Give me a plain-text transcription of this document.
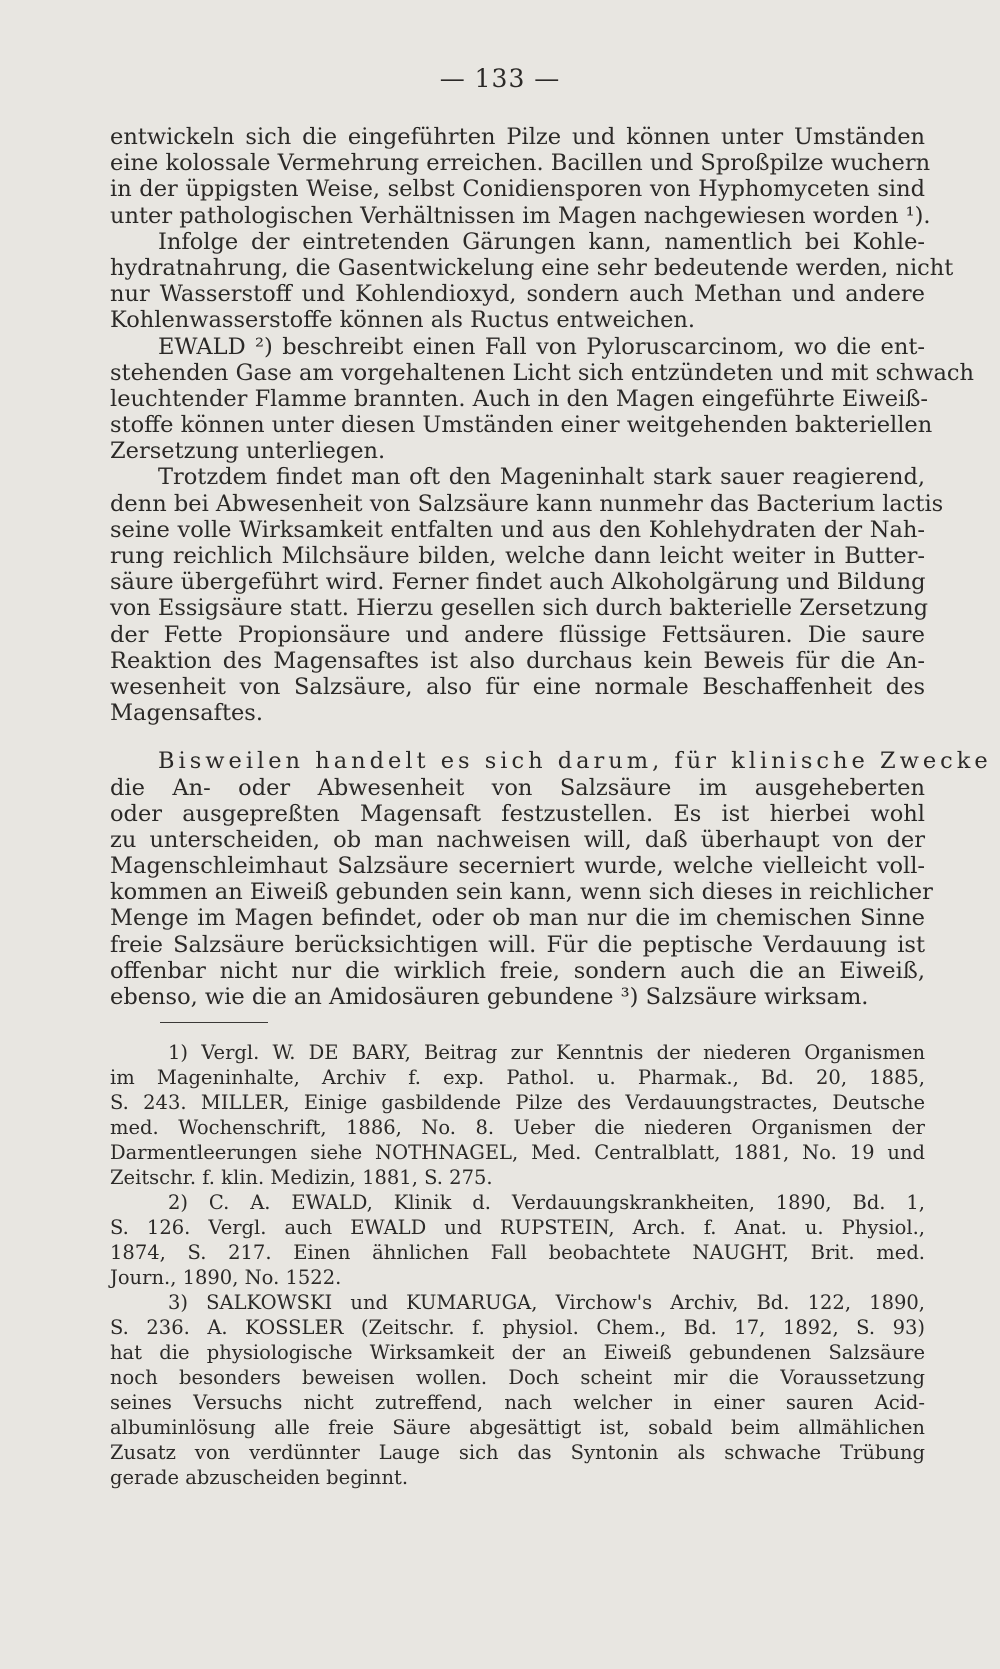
— 133 —
entwickeln sich die eingeführten Pilze und können unter Umständen
eine kolossale Vermehrung erreichen. Bacillen und Sproßpilze wuchern
in der üppigsten Weise, selbst Conidiensporen von Hyphomyceten sind
unter pathologischen Verhältnissen im Magen nachgewiesen worden ¹).
Infolge der eintretenden Gärungen kann, namentlich bei Kohle-
hydratnahrung, die Gasentwickelung eine sehr bedeutende werden, nicht
nur Wasserstoff und Kohlendioxyd, sondern auch Methan und andere
Kohlenwasserstoffe können als Ructus entweichen.
EWALD ²) beschreibt einen Fall von Pyloruscarcinom, wo die ent-
stehenden Gase am vorgehaltenen Licht sich entzündeten und mit schwach
leuchtender Flamme brannten. Auch in den Magen eingeführte Eiweiß-
stoffe können unter diesen Umständen einer weitgehenden bakteriellen
Zersetzung unterliegen.
Trotzdem findet man oft den Mageninhalt stark sauer reagierend,
denn bei Abwesenheit von Salzsäure kann nunmehr das Bacterium lactis
seine volle Wirksamkeit entfalten und aus den Kohlehydraten der Nah-
rung reichlich Milchsäure bilden, welche dann leicht weiter in Butter-
säure übergeführt wird. Ferner findet auch Alkoholgärung und Bildung
von Essigsäure statt. Hierzu gesellen sich durch bakterielle Zersetzung
der Fette Propionsäure und andere flüssige Fettsäuren. Die saure
Reaktion des Magensaftes ist also durchaus kein Beweis für die An-
wesenheit von Salzsäure, also für eine normale Beschaffenheit des
Magensaftes.
Bisweilen handelt es sich darum, für klinische Zwecke
die An- oder Abwesenheit von Salzsäure im ausgeheberten
oder ausgepreßten Magensaft festzustellen. Es ist hierbei wohl
zu unterscheiden, ob man nachweisen will, daß überhaupt von der
Magenschleimhaut Salzsäure secerniert wurde, welche vielleicht voll-
kommen an Eiweiß gebunden sein kann, wenn sich dieses in reichlicher
Menge im Magen befindet, oder ob man nur die im chemischen Sinne
freie Salzsäure berücksichtigen will. Für die peptische Verdauung ist
offenbar nicht nur die wirklich freie, sondern auch die an Eiweiß,
ebenso, wie die an Amidosäuren gebundene ³) Salzsäure wirksam.
1) Vergl. W. DE BARY, Beitrag zur Kenntnis der niederen Organismen
im Mageninhalte, Archiv f. exp. Pathol. u. Pharmak., Bd. 20, 1885,
S. 243. MILLER, Einige gasbildende Pilze des Verdauungstractes, Deutsche
med. Wochenschrift, 1886, No. 8. Ueber die niederen Organismen der
Darmentleerungen siehe NOTHNAGEL, Med. Centralblatt, 1881, No. 19 und
Zeitschr. f. klin. Medizin, 1881, S. 275.
2) C. A. EWALD, Klinik d. Verdauungskrankheiten, 1890, Bd. 1,
S. 126. Vergl. auch EWALD und RUPSTEIN, Arch. f. Anat. u. Physiol.,
1874, S. 217. Einen ähnlichen Fall beobachtete NAUGHT, Brit. med.
Journ., 1890, No. 1522.
3) SALKOWSKI und KUMARUGA, Virchow's Archiv, Bd. 122, 1890,
S. 236. A. KOSSLER (Zeitschr. f. physiol. Chem., Bd. 17, 1892, S. 93)
hat die physiologische Wirksamkeit der an Eiweiß gebundenen Salzsäure
noch besonders beweisen wollen. Doch scheint mir die Voraussetzung
seines Versuchs nicht zutreffend, nach welcher in einer sauren Acid-
albuminlösung alle freie Säure abgesättigt ist, sobald beim allmählichen
Zusatz von verdünnter Lauge sich das Syntonin als schwache Trübung
gerade abzuscheiden beginnt.
